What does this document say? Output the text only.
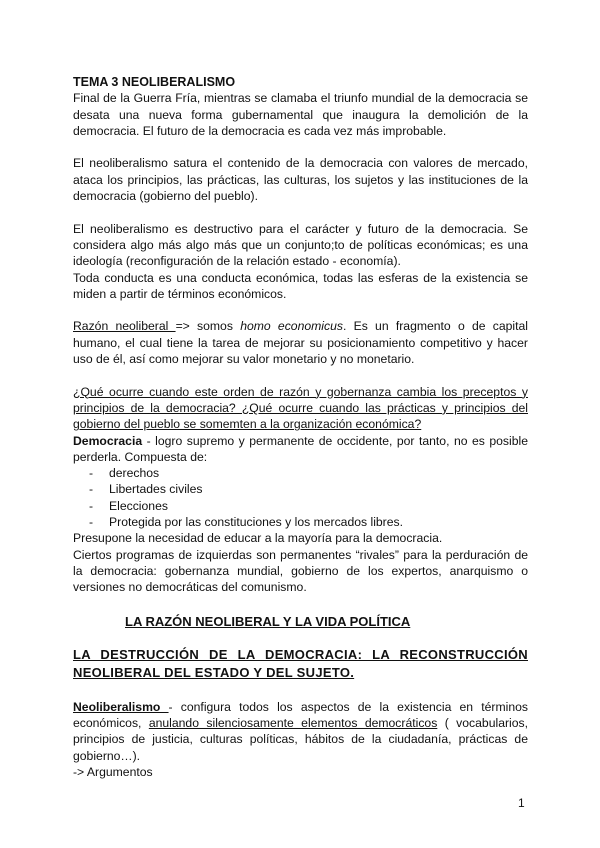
TEMA 3 NEOLIBERALISMO

Final de la Guerra Fría, mientras se clamaba el triunfo mundial de la democracia se desata una nueva forma gubernamental que inaugura la demolición de la democracia. El futuro de la democracia es cada vez más improbable.

El neoliberalismo satura el contenido de la democracia con valores de mercado, ataca los principios, las prácticas, las culturas, los sujetos y las instituciones de la democracia (gobierno del pueblo).

El neoliberalismo es destructivo para el carácter y futuro de la democracia. Se considera algo más algo más que un conjunto;to de políticas económicas; es una ideología (reconfiguración de la relación estado - economía).

Toda conducta es una conducta económica, todas las esferas de la existencia se miden a partir de términos económicos.

Razón neoliberal => somos homo economicus. Es un fragmento o de capital humano, el cual tiene la tarea de mejorar su posicionamiento competitivo y hacer uso de él, así como mejorar su valor monetario y no monetario.

¿Qué ocurre cuando este orden de razón y gobernanza cambia los preceptos y principios de la democracia? ¿Qué ocurre cuando las prácticas y principios del gobierno del pueblo se somemten a la organización económica?

Democracia - logro supremo y permanente de occidente, por tanto, no es posible perderla. Compuesta de:

- derechos
- Libertades civiles
- Elecciones
- Protegida por las constituciones y los mercados libres.

Presupone la necesidad de educar a la mayoría para la democracia.

Ciertos programas de izquierdas son permanentes “rivales” para la perduración de la democracia: gobernanza mundial, gobierno de los expertos, anarquismo o versiones no democráticas del comunismo.

LA RAZÓN NEOLIBERAL Y LA VIDA POLÍTICA
LA DESTRUCCIÓN DE LA DEMOCRACIA: LA RECONSTRUCCIÓN NEOLIBERAL DEL ESTADO Y DEL SUJETO.

Neoliberalismo - configura todos los aspectos de la existencia en términos económicos, anulando silenciosamente elementos democráticos ( vocabularios, principios de justicia, culturas políticas, hábitos de la ciudadanía, prácticas de gobierno…).

-> Argumentos

1
